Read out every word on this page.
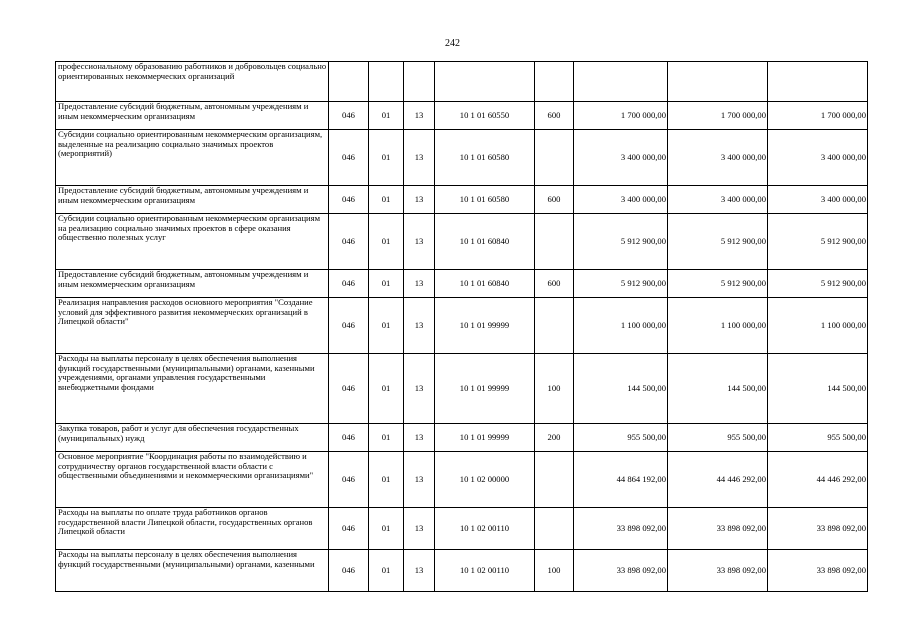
242
профессиональному образованию работников и добровольцев социально ориентированных некоммерческих организаций								
Предоставление субсидий бюджетным, автономным учреждениям и иным некоммерческим организациям	046	01	13	10 1 01 60550	600	1 700 000,00	1 700 000,00	1 700 000,00
Субсидии социально ориентированным некоммерческим организациям, выделенные на реализацию социально значимых проектов (мероприятий)	046	01	13	10 1 01 60580		3 400 000,00	3 400 000,00	3 400 000,00
Предоставление субсидий бюджетным, автономным учреждениям и иным некоммерческим организациям	046	01	13	10 1 01 60580	600	3 400 000,00	3 400 000,00	3 400 000,00
Субсидии социально ориентированным некоммерческим организациям на реализацию социально значимых проектов в сфере оказания общественно полезных услуг	046	01	13	10 1 01 60840		5 912 900,00	5 912 900,00	5 912 900,00
Предоставление субсидий бюджетным, автономным учреждениям и иным некоммерческим организациям	046	01	13	10 1 01 60840	600	5 912 900,00	5 912 900,00	5 912 900,00
Реализация направления расходов основного мероприятия "Создание условий для эффективного развития некоммерческих организаций в Липецкой области"	046	01	13	10 1 01 99999		1 100 000,00	1 100 000,00	1 100 000,00
Расходы на выплаты персоналу в целях обеспечения выполнения функций государственными (муниципальными) органами, казенными учреждениями, органами управления государственными внебюджетными фондами	046	01	13	10 1 01 99999	100	144 500,00	144 500,00	144 500,00
Закупка товаров, работ и услуг для обеспечения государственных (муниципальных) нужд	046	01	13	10 1 01 99999	200	955 500,00	955 500,00	955 500,00
Основное мероприятие "Координация работы по взаимодействию и сотрудничеству органов государственной власти области с общественными объединениями и некоммерческими организациями"	046	01	13	10 1 02 00000		44 864 192,00	44 446 292,00	44 446 292,00
Расходы на выплаты по оплате труда работников органов государственной власти Липецкой области, государственных органов Липецкой области	046	01	13	10 1 02 00110		33 898 092,00	33 898 092,00	33 898 092,00
Расходы на выплаты персоналу в целях обеспечения выполнения функций государственными (муниципальными) органами, казенными	046	01	13	10 1 02 00110	100	33 898 092,00	33 898 092,00	33 898 092,00
